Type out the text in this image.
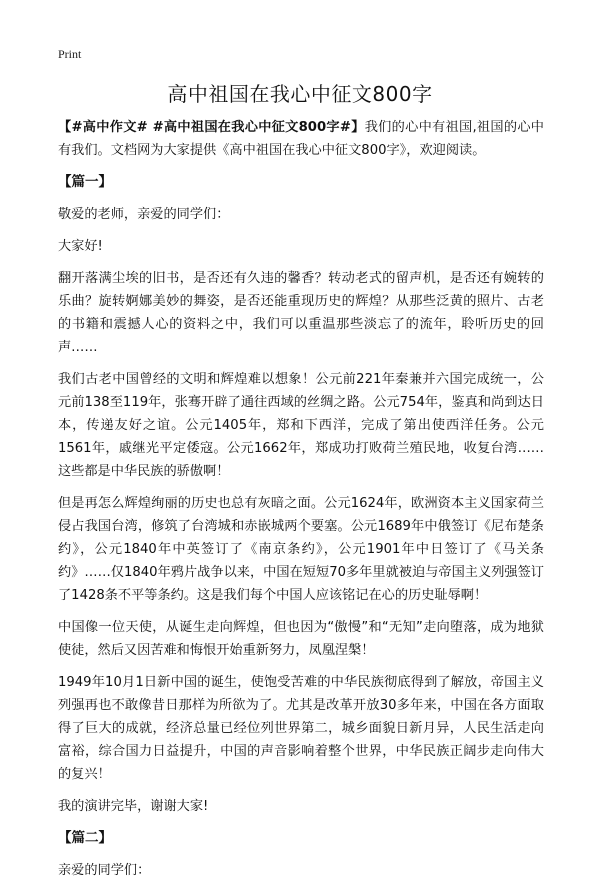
Print
高中祖国在我心中征文800字

【#高中作文# #高中祖国在我心中征文800字#】我们的心中有祖国,祖国的心中有我们。文档网为大家提供《高中祖国在我心中征文800字》，欢迎阅读。

【篇一】

敬爱的老师，亲爱的同学们：

大家好!

翻开落满尘埃的旧书，是否还有久违的馨香？转动老式的留声机，是否还有婉转的乐曲？旋转婀娜美妙的舞姿，是否还能重现历史的辉煌？从那些泛黄的照片、古老的书籍和震撼人心的资料之中，我们可以重温那些淡忘了的流年，聆听历史的回声……

我们古老中国曾经的文明和辉煌难以想象！公元前221年秦兼并六国完成统一，公元前138至119年，张骞开辟了通往西域的丝绸之路。公元754年，鉴真和尚到达日本，传递友好之谊。公元1405年，郑和下西洋，完成了第出使西洋任务。公元1561年，戚继光平定倭寇。公元1662年，郑成功打败荷兰殖民地，收复台湾……这些都是中华民族的骄傲啊！

但是再怎么辉煌绚丽的历史也总有灰暗之面。公元1624年，欧洲资本主义国家荷兰侵占我国台湾，修筑了台湾城和赤嵌城两个要塞。公元1689年中俄签订《尼布楚条约》，公元1840年中英签订了《南京条约》，公元1901年中日签订了《马关条约》……仅1840年鸦片战争以来，中国在短短70多年里就被迫与帝国主义列强签订了1428条不平等条约。这是我们每个中国人应该铭记在心的历史耻辱啊！

中国像一位天使，从诞生走向辉煌，但也因为“傲慢”和“无知”走向堕落，成为地狱使徒，然后又因苦难和悔恨开始重新努力，凤凰涅槃！

1949年10月1日新中国的诞生，使饱受苦难的中华民族彻底得到了解放，帝国主义列强再也不敢像昔日那样为所欲为了。尤其是改革开放30多年来，中国在各方面取得了巨大的成就，经济总量已经位列世界第二，城乡面貌日新月异，人民生活走向富裕，综合国力日益提升，中国的声音影响着整个世界，中华民族正阔步走向伟大的复兴！

我的演讲完毕，谢谢大家!

【篇二】

亲爱的同学们：
